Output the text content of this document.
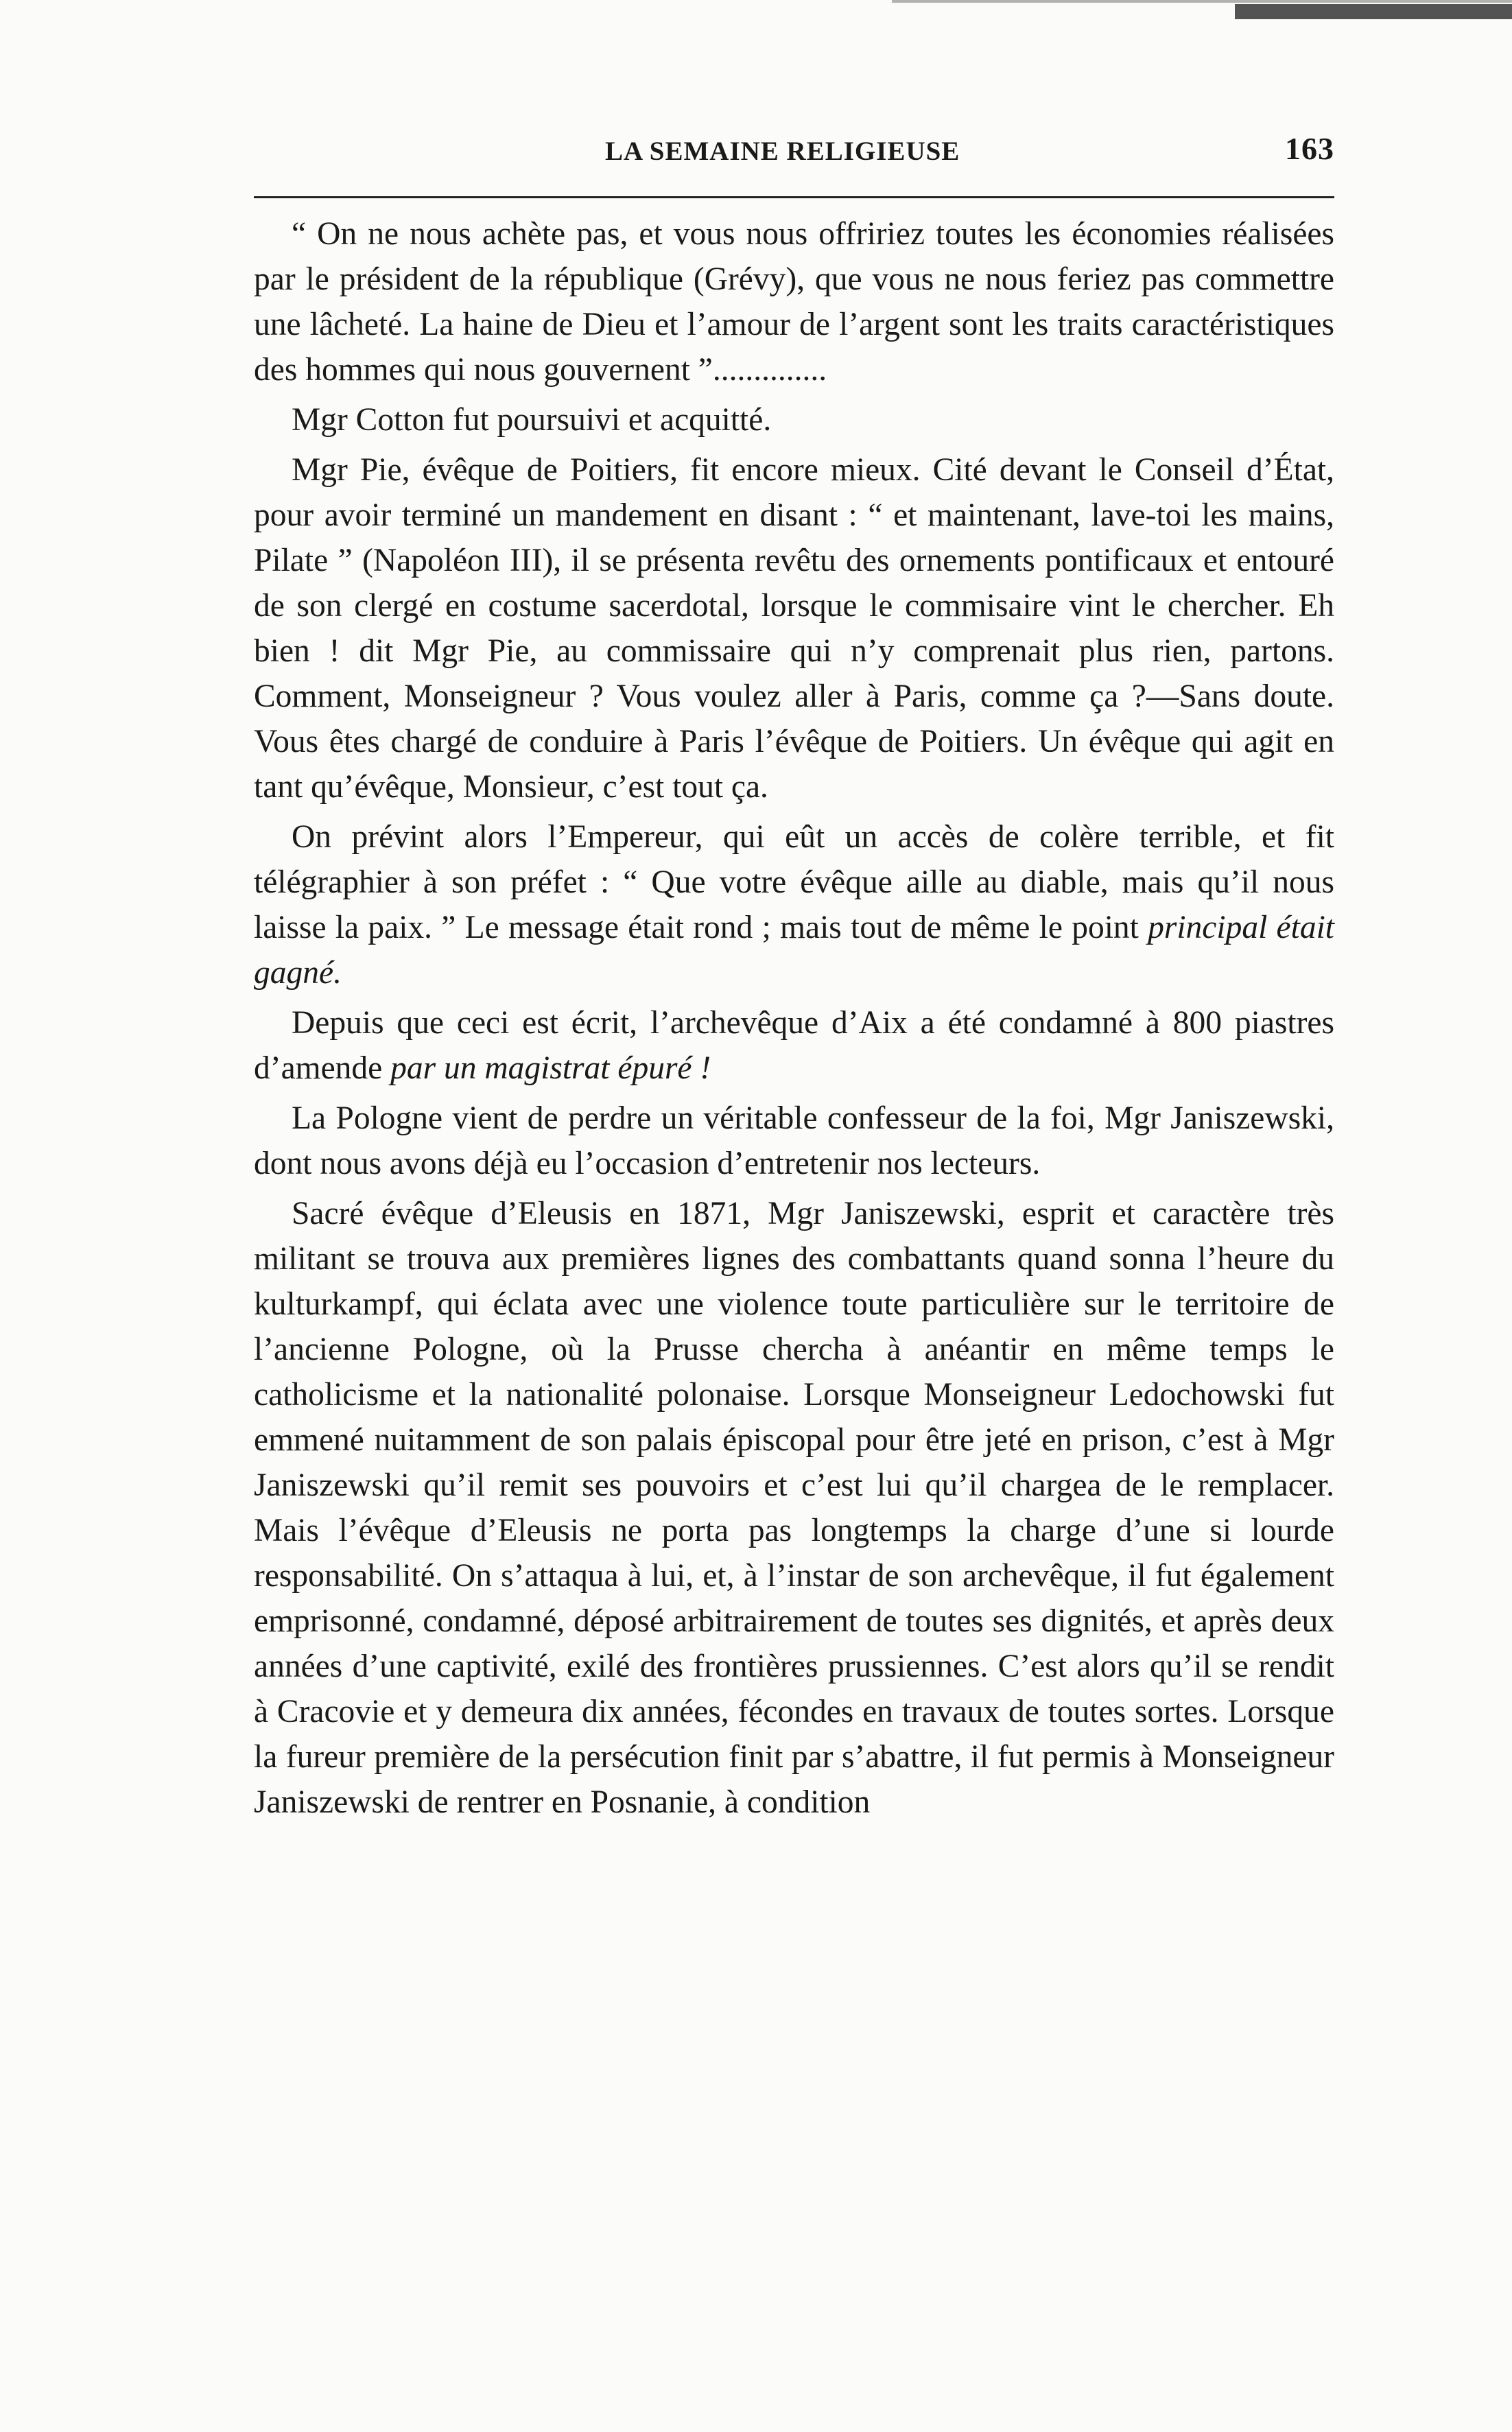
LA SEMAINE RELIGIEUSE	163

“ On ne nous achète pas, et vous nous offririez toutes les économies réalisées par le président de la république (Grévy), que vous ne nous feriez pas commettre une lâcheté. La haine de Dieu et l’amour de l’argent sont les traits caractéristiques des hommes qui nous gouvernent ”..............

Mgr Cotton fut poursuivi et acquitté.

Mgr Pie, évêque de Poitiers, fit encore mieux. Cité devant le Conseil d’État, pour avoir terminé un mandement en disant : “ et maintenant, lave-toi les mains, Pilate ” (Napoléon III), il se présenta revêtu des ornements pontificaux et entouré de son clergé en costume sacerdotal, lorsque le commisaire vint le chercher. Eh bien ! dit Mgr Pie, au commissaire qui n’y comprenait plus rien, partons. Comment, Monseigneur ? Vous voulez aller à Paris, comme ça ?—Sans doute. Vous êtes chargé de conduire à Paris l’évêque de Poitiers. Un évêque qui agit en tant qu’évêque, Monsieur, c’est tout ça.

On prévint alors l’Empereur, qui eût un accès de colère terrible, et fit télégraphier à son préfet : “ Que votre évêque aille au diable, mais qu’il nous laisse la paix. ” Le message était rond ; mais tout de même le point principal était gagné.

Depuis que ceci est écrit, l’archevêque d’Aix a été condamné à 800 piastres d’amende par un magistrat épuré !

La Pologne vient de perdre un véritable confesseur de la foi, Mgr Janiszewski, dont nous avons déjà eu l’occasion d’entretenir nos lecteurs.

Sacré évêque d’Eleusis en 1871, Mgr Janiszewski, esprit et caractère très militant se trouva aux premières lignes des combattants quand sonna l’heure du kulturkampf, qui éclata avec une violence toute particulière sur le territoire de l’ancienne Pologne, où la Prusse chercha à anéantir en même temps le catholicisme et la nationalité polonaise. Lorsque Monseigneur Ledochowski fut emmené nuitamment de son palais épiscopal pour être jeté en prison, c’est à Mgr Janiszewski qu’il remit ses pouvoirs et c’est lui qu’il chargea de le remplacer. Mais l’évêque d’Eleusis ne porta pas longtemps la charge d’une si lourde responsabilité. On s’attaqua à lui, et, à l’instar de son archevêque, il fut également emprisonné, condamné, déposé arbitrairement de toutes ses dignités, et après deux années d’une captivité, exilé des frontières prussiennes. C’est alors qu’il se rendit à Cracovie et y demeura dix années, fécondes en travaux de toutes sortes. Lorsque la fureur première de la persécution finit par s’abattre, il fut permis à Monseigneur Janiszewski de rentrer en Posnanie, à condition
